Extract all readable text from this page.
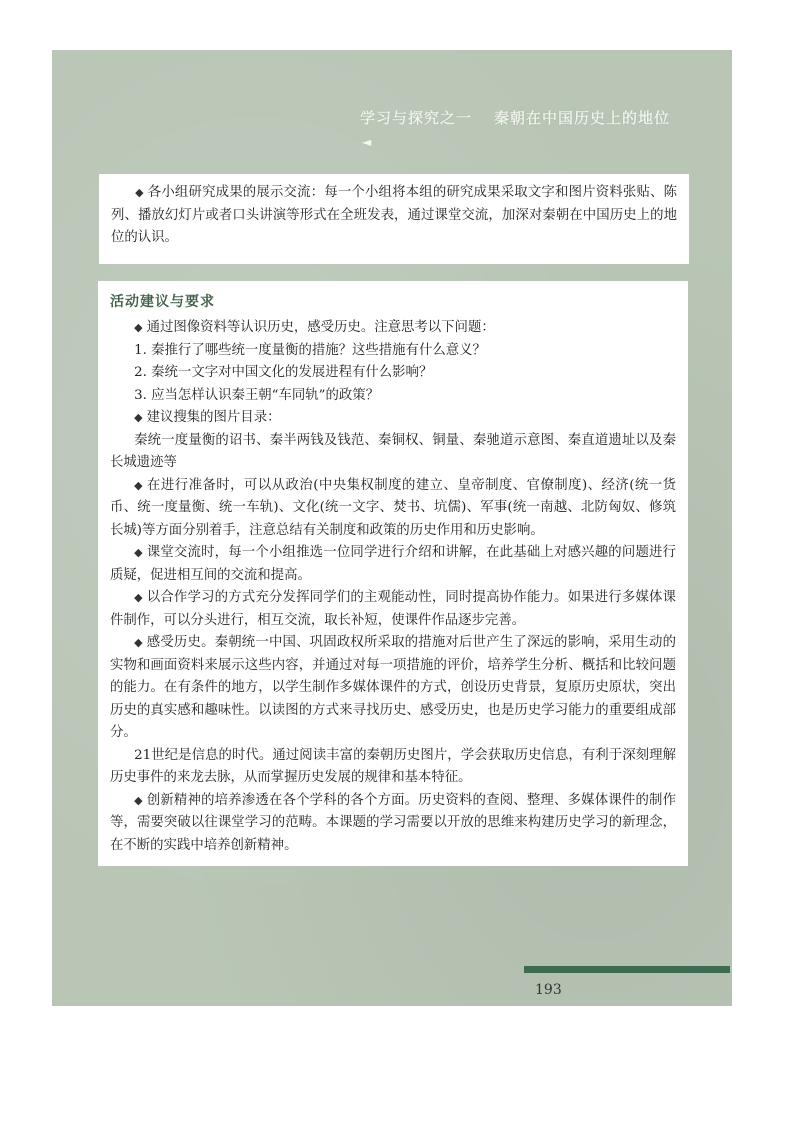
学习与探究之一 秦朝在中国历史上的地位
◄

◆ 各小组研究成果的展示交流：每一个小组将本组的研究成果采取文字和图片资料张贴、陈列、播放幻灯片或者口头讲演等形式在全班发表，通过课堂交流，加深对秦朝在中国历史上的地位的认识。

活动建议与要求

◆ 通过图像资料等认识历史，感受历史。注意思考以下问题：

1. 秦推行了哪些统一度量衡的措施？这些措施有什么意义？

2. 秦统一文字对中国文化的发展进程有什么影响？

3. 应当怎样认识秦王朝“车同轨”的政策？

◆ 建议搜集的图片目录：

秦统一度量衡的诏书、秦半两钱及钱范、秦铜权、铜量、秦驰道示意图、秦直道遗址以及秦长城遗迹等

◆ 在进行准备时，可以从政治(中央集权制度的建立、皇帝制度、官僚制度)、经济(统一货币、统一度量衡、统一车轨)、文化(统一文字、焚书、坑儒)、军事(统一南越、北防匈奴、修筑长城)等方面分别着手，注意总结有关制度和政策的历史作用和历史影响。

◆ 课堂交流时，每一个小组推选一位同学进行介绍和讲解，在此基础上对感兴趣的问题进行质疑，促进相互间的交流和提高。

◆ 以合作学习的方式充分发挥同学们的主观能动性，同时提高协作能力。如果进行多媒体课件制作，可以分头进行，相互交流，取长补短，使课件作品逐步完善。

◆ 感受历史。秦朝统一中国、巩固政权所采取的措施对后世产生了深远的影响，采用生动的实物和画面资料来展示这些内容，并通过对每一项措施的评价，培养学生分析、概括和比较问题的能力。在有条件的地方，以学生制作多媒体课件的方式，创设历史背景，复原历史原状，突出历史的真实感和趣味性。以读图的方式来寻找历史、感受历史，也是历史学习能力的重要组成部分。

21世纪是信息的时代。通过阅读丰富的秦朝历史图片，学会获取历史信息，有利于深刻理解历史事件的来龙去脉，从而掌握历史发展的规律和基本特征。

◆ 创新精神的培养渗透在各个学科的各个方面。历史资料的查阅、整理、多媒体课件的制作等，需要突破以往课堂学习的范畴。本课题的学习需要以开放的思维来构建历史学习的新理念，在不断的实践中培养创新精神。

193
